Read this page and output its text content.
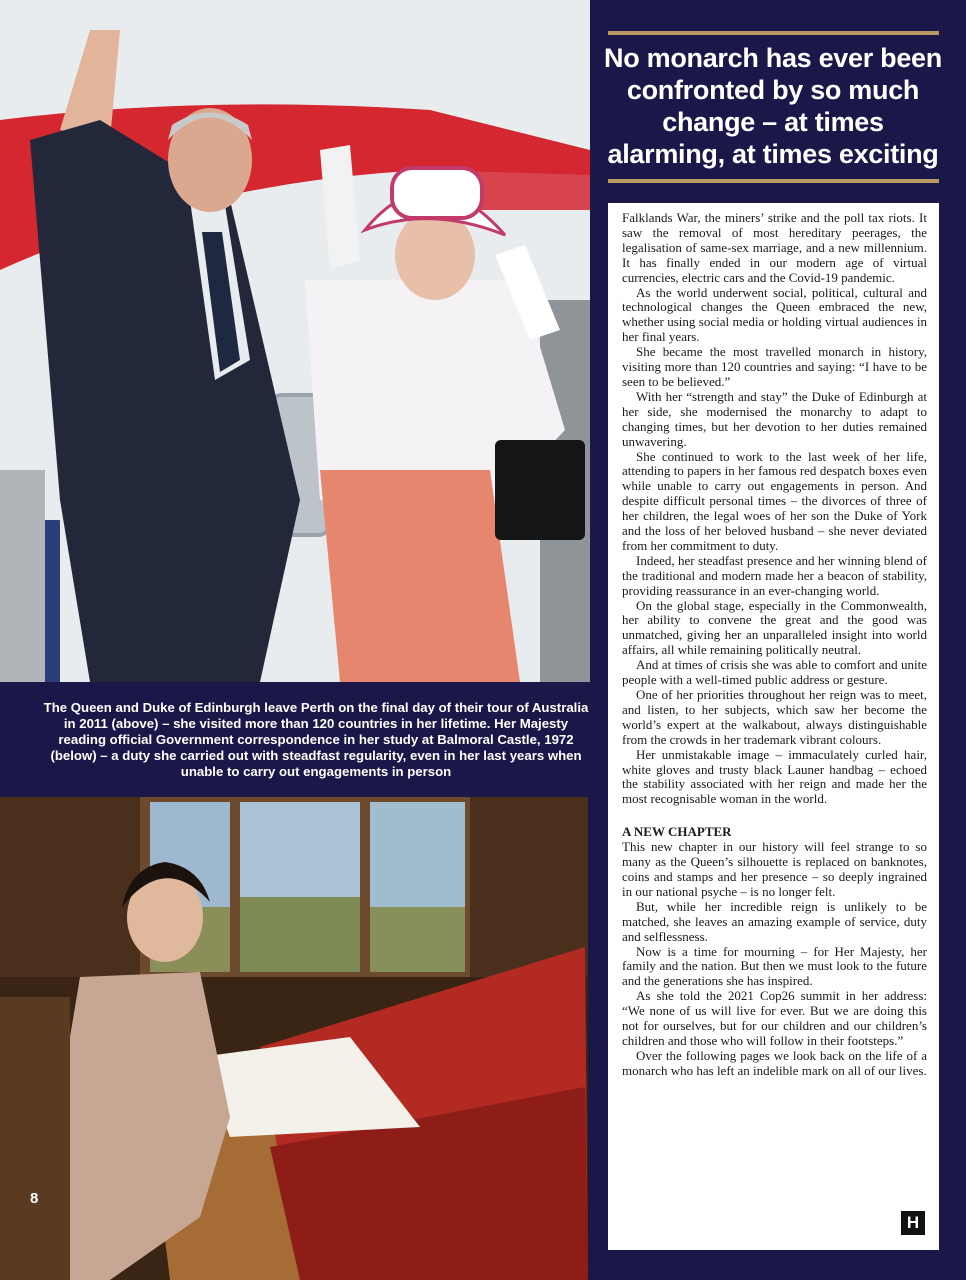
The Queen and Duke of Edinburgh leave Perth on the final day of their tour of Australia in 2011 (above) – she visited more than 120 countries in her lifetime. Her Majesty reading official Government correspondence in her study at Balmoral Castle, 1972 (below) – a duty she carried out with steadfast regularity, even in her last years when unable to carry out engagements in person
8
No monarch has ever been confronted by so much change – at times alarming, at times exciting

Falklands War, the miners’ strike and the poll tax riots. It saw the removal of most hereditary peerages, the legalisation of same-sex marriage, and a new millennium. It has finally ended in our modern age of virtual currencies, electric cars and the Covid-19 pandemic.

As the world underwent social, political, cultural and technological changes the Queen embraced the new, whether using social media or holding virtual audiences in her final years.

She became the most travelled monarch in history, visiting more than 120 countries and saying: “I have to be seen to be believed.”

With her “strength and stay” the Duke of Edinburgh at her side, she modernised the monarchy to adapt to changing times, but her devotion to her duties remained unwavering.

She continued to work to the last week of her life, attending to papers in her famous red despatch boxes even while unable to carry out engagements in person. And despite difficult personal times – the divorces of three of her children, the legal woes of her son the Duke of York and the loss of her beloved husband – she never deviated from her commitment to duty.

Indeed, her steadfast presence and her winning blend of the traditional and modern made her a beacon of stability, providing reassurance in an ever-changing world.

On the global stage, especially in the Commonwealth, her ability to convene the great and the good was unmatched, giving her an unparalleled insight into world affairs, all while remaining politically neutral.

And at times of crisis she was able to comfort and unite people with a well-timed public address or gesture.

One of her priorities throughout her reign was to meet, and listen, to her subjects, which saw her become the world’s expert at the walkabout, always distinguishable from the crowds in her trademark vibrant colours.

Her unmistakable image – immaculately curled hair, white gloves and trusty black Launer handbag – echoed the stability associated with her reign and made her the most recognisable woman in the world.

A NEW CHAPTER

This new chapter in our history will feel strange to so many as the Queen’s silhouette is replaced on banknotes, coins and stamps and her presence – so deeply ingrained in our national psyche – is no longer felt.

But, while her incredible reign is unlikely to be matched, she leaves an amazing example of service, duty and selflessness.

Now is a time for mourning – for Her Majesty, her family and the nation. But then we must look to the future and the generations she has inspired.

As she told the 2021 Cop26 summit in her address: “We none of us will live for ever. But we are doing this not for ourselves, but for our children and our children’s children and those who will follow in their footsteps.”

Over the following pages we look back on the life of a monarch who has left an indelible mark on all of our lives.

H
